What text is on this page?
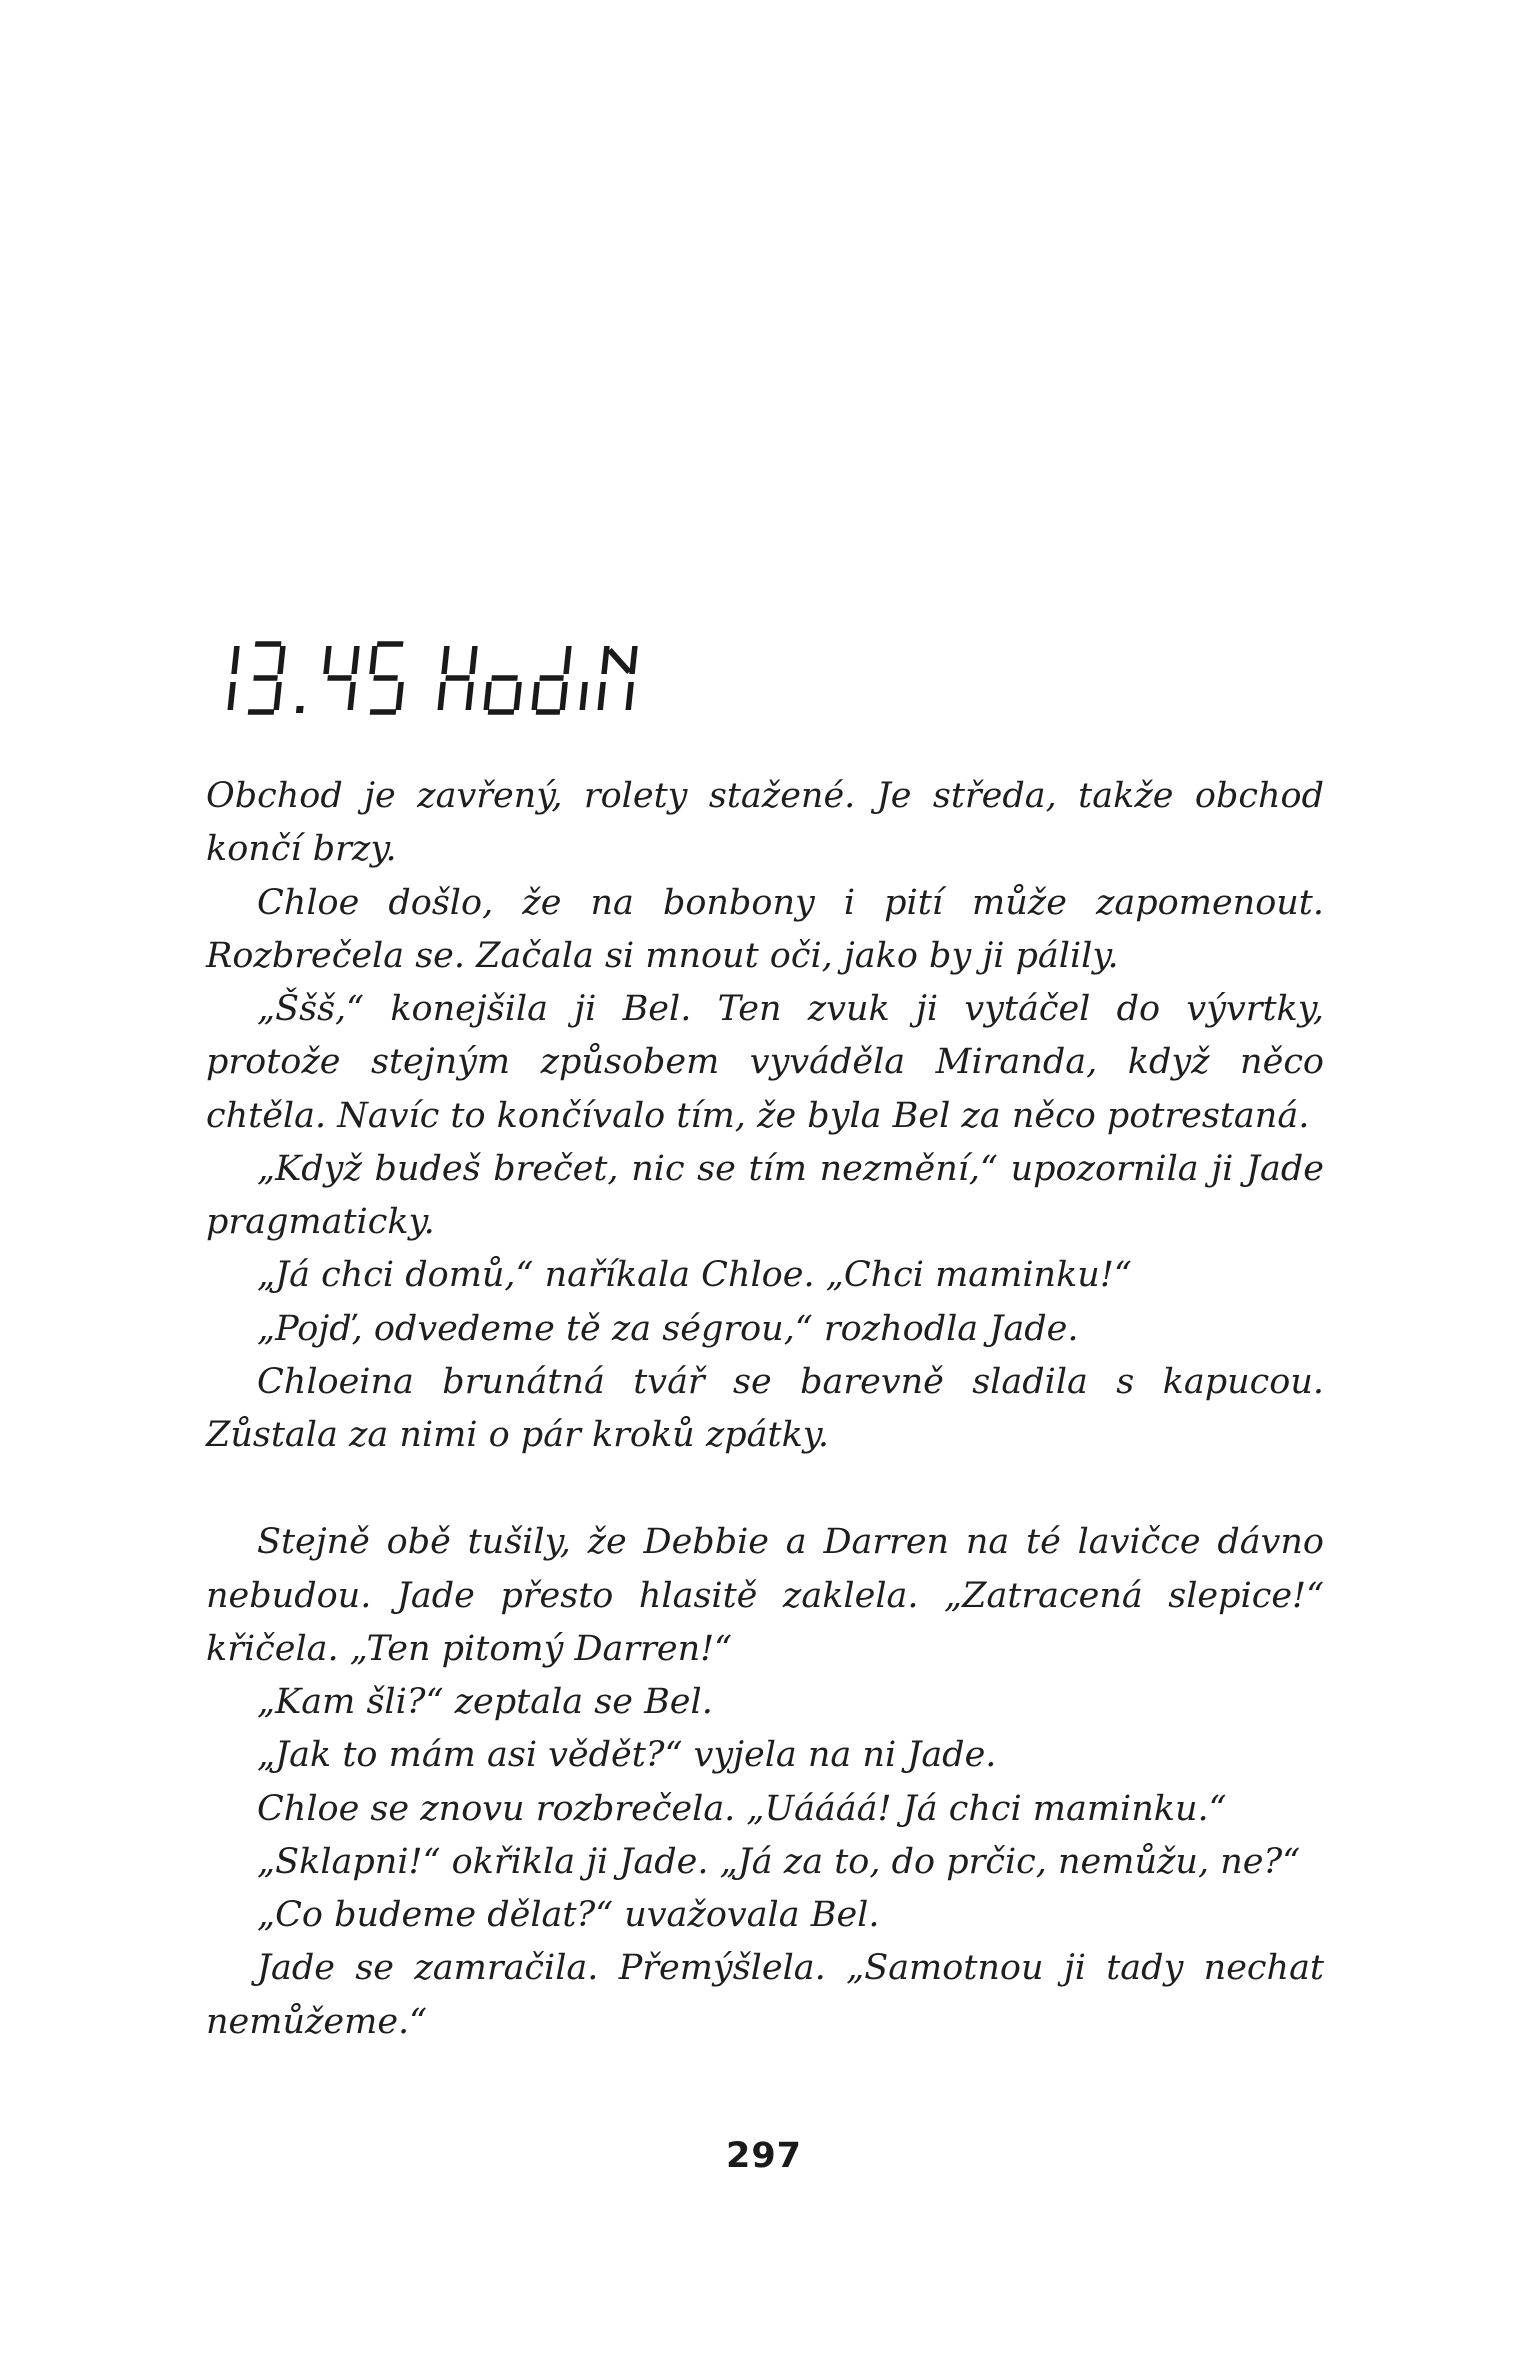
Obchod je zavřený, rolety stažené. Je středa, takže obchod končí brzy.

Chloe došlo, že na bonbony i pití může zapomenout. Rozbrečela se. Začala si mnout oči, jako by ji pálily.

„Ššš,“ konejšila ji Bel. Ten zvuk ji vytáčel do vývrtky, protože stejným způsobem vyváděla Miranda, když něco chtěla. Navíc to končívalo tím, že byla Bel za něco potrestaná.

„Když budeš brečet, nic se tím nezmění,“ upozornila ji Jade pragmaticky.

„Já chci domů,“ naříkala Chloe. „Chci maminku!“

„Pojď, odvedeme tě za ségrou,“ rozhodla Jade.

Chloeina brunátná tvář se barevně sladila s kapucou. Zůstala za nimi o pár kroků zpátky.

Stejně obě tušily, že Debbie a Darren na té lavičce dávno nebudou. Jade přesto hlasitě zaklela. „Zatracená slepice!“ křičela. „Ten pitomý Darren!“

„Kam šli?“ zeptala se Bel.

„Jak to mám asi vědět?“ vyjela na ni Jade.

Chloe se znovu rozbrečela. „Uáááá! Já chci maminku.“

„Sklapni!“ okřikla ji Jade. „Já za to, do prčic, nemůžu, ne?“

„Co budeme dělat?“ uvažovala Bel.

Jade se zamračila. Přemýšlela. „Samotnou ji tady nechat nemůžeme.“

297
